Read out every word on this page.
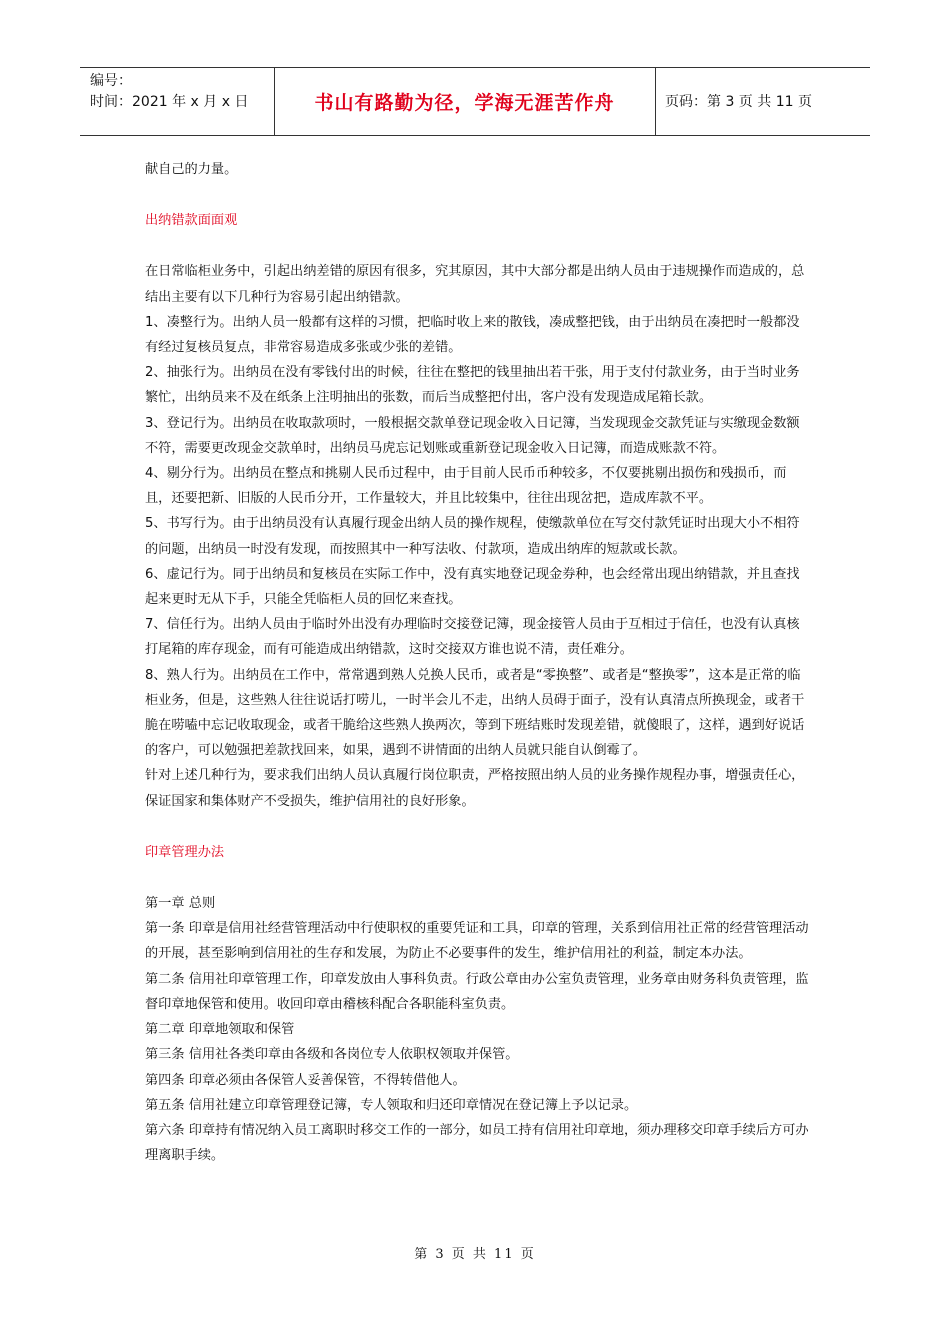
编号：
时间：2021 年 x 月 x 日	书山有路勤为径，学海无涯苦作舟	页码：第 3 页 共 11 页

献自己的力量。

出纳错款面面观

在日常临柜业务中，引起出纳差错的原因有很多，究其原因，其中大部分都是出纳人员由于违规操作而造成的，总结出主要有以下几种行为容易引起出纳错款。

1、凑整行为。出纳人员一般都有这样的习惯，把临时收上来的散钱，凑成整把钱，由于出纳员在凑把时一般都没有经过复核员复点，非常容易造成多张或少张的差错。

2、抽张行为。出纳员在没有零钱付出的时候，往往在整把的钱里抽出若干张，用于支付付款业务，由于当时业务繁忙，出纳员来不及在纸条上注明抽出的张数，而后当成整把付出，客户没有发现造成尾箱长款。

3、登记行为。出纳员在收取款项时，一般根据交款单登记现金收入日记簿，当发现现金交款凭证与实缴现金数额不符，需要更改现金交款单时，出纳员马虎忘记划账或重新登记现金收入日记簿，而造成账款不符。

4、剔分行为。出纳员在整点和挑剔人民币过程中，由于目前人民币币种较多，不仅要挑剔出损伤和残损币，而且，还要把新、旧版的人民币分开，工作量较大，并且比较集中，往往出现岔把，造成库款不平。

5、书写行为。由于出纳员没有认真履行现金出纳人员的操作规程，使缴款单位在写交付款凭证时出现大小不相符的问题，出纳员一时没有发现，而按照其中一种写法收、付款项，造成出纳库的短款或长款。

6、虚记行为。同于出纳员和复核员在实际工作中，没有真实地登记现金券种，也会经常出现出纳错款，并且查找起来更时无从下手，只能全凭临柜人员的回忆来查找。

7、信任行为。出纳人员由于临时外出没有办理临时交接登记簿，现金接管人员由于互相过于信任，也没有认真核打尾箱的库存现金，而有可能造成出纳错款，这时交接双方谁也说不清，责任难分。

8、熟人行为。出纳员在工作中，常常遇到熟人兑换人民币，或者是“零换整”、或者是“整换零”，这本是正常的临柜业务，但是，这些熟人往往说话打唠儿，一时半会儿不走，出纳人员碍于面子，没有认真清点所换现金，或者干脆在唠嗑中忘记收取现金，或者干脆给这些熟人换两次，等到下班结账时发现差错，就傻眼了，这样，遇到好说话的客户，可以勉强把差款找回来，如果，遇到不讲情面的出纳人员就只能自认倒霉了。

针对上述几种行为，要求我们出纳人员认真履行岗位职责，严格按照出纳人员的业务操作规程办事，增强责任心，保证国家和集体财产不受损失，维护信用社的良好形象。

印章管理办法

第一章 总则

第一条 印章是信用社经营管理活动中行使职权的重要凭证和工具，印章的管理，关系到信用社正常的经营管理活动的开展，甚至影响到信用社的生存和发展，为防止不必要事件的发生，维护信用社的利益，制定本办法。

第二条 信用社印章管理工作，印章发放由人事科负责。行政公章由办公室负责管理，业务章由财务科负责管理，监督印章地保管和使用。收回印章由稽核科配合各职能科室负责。

第二章 印章地领取和保管

第三条 信用社各类印章由各级和各岗位专人依职权领取并保管。

第四条 印章必须由各保管人妥善保管，不得转借他人。

第五条 信用社建立印章管理登记簿，专人领取和归还印章情况在登记簿上予以记录。

第六条 印章持有情况纳入员工离职时移交工作的一部分，如员工持有信用社印章地，须办理移交印章手续后方可办理离职手续。

第 3 页 共 11 页
